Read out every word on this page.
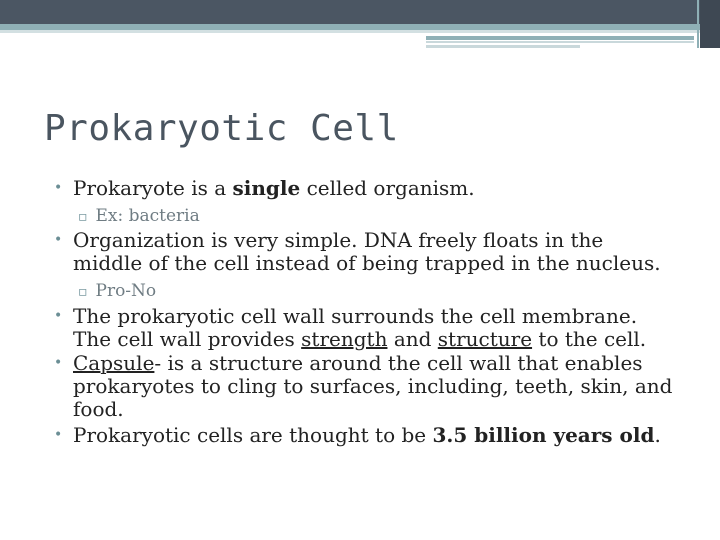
Prokaryotic Cell
• Prokaryote is a single celled organism.
▫ Ex: bacteria
• Organization is very simple. DNA freely floats in the middle of the cell instead of being trapped in the nucleus.
▫ Pro-No
• The prokaryotic cell wall surrounds the cell membrane. The cell wall provides strength and structure to the cell.
• Capsule- is a structure around the cell wall that enables prokaryotes to cling to surfaces, including, teeth, skin, and food.
• Prokaryotic cells are thought to be 3.5 billion years old.
